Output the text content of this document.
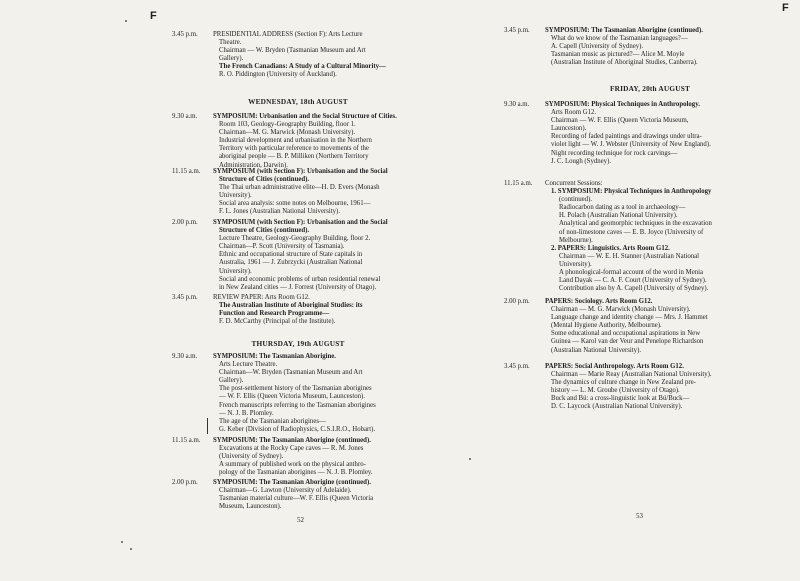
F
3.45 p.m. PRESIDENTIAL ADDRESS (Section F): Arts Lecture
Theatre.
Chairman — W. Bryden (Tasmanian Museum and Art
Gallery).
The French Canadians: A Study of a Cultural Minority—
R. O. Piddington (University of Auckland).
WEDNESDAY, 18th AUGUST
9.30 a.m. SYMPOSIUM: Urbanisation and the Social Structure of Cities.
Room 103, Geology-Geography Building, floor 1.
Chairman—M. G. Marwick (Monash University).
Industrial development and urbanisation in the Northern
Territory with particular reference to movements of the
aboriginal people — B. P. Milliken (Northern Territory
Administration, Darwin).
11.15 a.m. SYMPOSIUM (with Section F): Urbanisation and the Social
Structure of Cities (continued).
The Thai urban administrative elite—H. D. Evers (Monash
University).
Social area analysis: some notes on Melbourne, 1961—
F. L. Jones (Australian National University).
2.00 p.m. SYMPOSIUM (with Section F): Urbanisation and the Social
Structure of Cities (continued).
Lecture Theatre, Geology-Geography Building, floor 2.
Chairman—P. Scott (University of Tasmania).
Ethnic and occupational structure of State capitals in
Australia, 1961 — J. Zubrzycki (Australian National
University).
Social and economic problems of urban residential renewal
in New Zealand cities — J. Forrest (University of Otago).
3.45 p.m. REVIEW PAPER: Arts Room G12.
The Australian Institute of Aboriginal Studies: its
Function and Research Programme—
F. D. McCarthy (Principal of the Institute).
THURSDAY, 19th AUGUST
9.30 a.m. SYMPOSIUM: The Tasmanian Aborigine.
Arts Lecture Theatre.
Chairman—W. Bryden (Tasmanian Museum and Art
Gallery).
The post-settlement history of the Tasmanian aborigines
— W. F. Ellis (Queen Victoria Museum, Launceston).
French manuscripts referring to the Tasmanian aborigines
— N. J. B. Plomley.
The age of the Tasmanian aborigines—
G. Keber (Division of Radiophysics, C.S.I.R.O., Hobart).
11.15 a.m. SYMPOSIUM: The Tasmanian Aborigine (continued).
Excavations at the Rocky Cape caves — R. M. Jones
(University of Sydney).
A summary of published work on the physical anthro-
pology of the Tasmanian aborigines — N. J. B. Plomley.
2.00 p.m. SYMPOSIUM: The Tasmanian Aborigine (continued).
Chairman—G. Lawton (University of Adelaide).
Tasmanian material culture—W. F. Ellis (Queen Victoria
Museum, Launceston).
52
F
3.45 p.m. SYMPOSIUM: The Tasmanian Aborigine (continued).
What do we know of the Tasmanian languages?—
A. Capell (University of Sydney).
Tasmanian music as pictured?— Alice M. Moyle
(Australian Institute of Aboriginal Studies, Canberra).
FRIDAY, 20th AUGUST
9.30 a.m. SYMPOSIUM: Physical Techniques in Anthropology.
Arts Room G12.
Chairman — W. F. Ellis (Queen Victoria Museum,
Launceston).
Recording of faded paintings and drawings under ultra-
violet light — W. J. Webster (University of New England).
Night recording technique for rock carvings—
J. C. Lough (Sydney).
11.15 a.m. Concurrent Sessions:
1. SYMPOSIUM: Physical Techniques in Anthropology
(continued).
Radiocarbon dating as a tool in archaeology—
H. Polach (Australian National University).
Analytical and geomorphic techniques in the excavation
of non-limestone caves — E. B. Joyce (University of
Melbourne).
2. PAPERS: Linguistics. Arts Room G12.
Chairman — W. E. H. Stanner (Australian National
University).
A phonological-formal account of the word in Menia
Land Dayak — C. A. F. Court (University of Sydney).
Contribution also by A. Capell (University of Sydney).
2.00 p.m. PAPERS: Sociology. Arts Room G12.
Chairman — M. G. Marwick (Monash University).
Language change and identity change — Mrs. J. Hammet
(Mental Hygiene Authority, Melbourne).
Some educational and occupational aspirations in New
Guinea — Karol van der Veur and Penelope Richardson
(Australian National University).
3.45 p.m. PAPERS: Social Anthropology. Arts Room G12.
Chairman — Marie Reay (Australian National University).
The dynamics of culture change in New Zealand pre-
history — L. M. Groube (University of Otago).
Buck and Bú: a cross-linguistic look at Bú/Buck—
D. C. Laycock (Australian National University).
53
